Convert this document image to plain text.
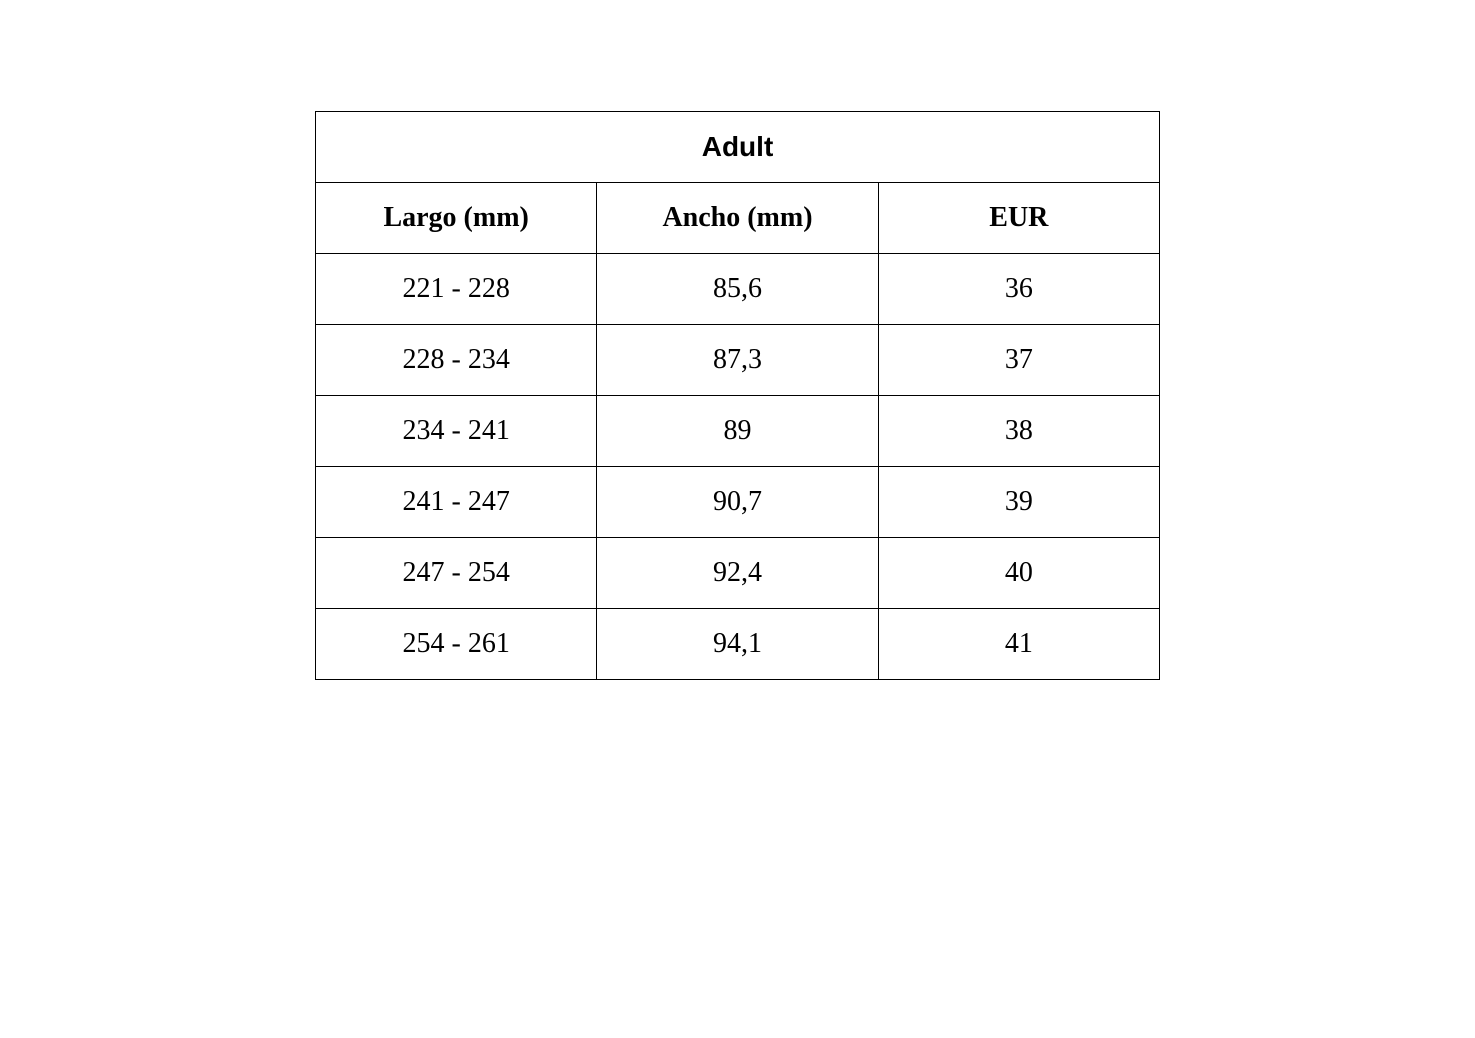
Adult		
Largo (mm)	Ancho (mm)	EUR
221 - 228	85,6	36
228 - 234	87,3	37
234 - 241	89	38
241 - 247	90,7	39
247 - 254	92,4	40
254 - 261	94,1	41
